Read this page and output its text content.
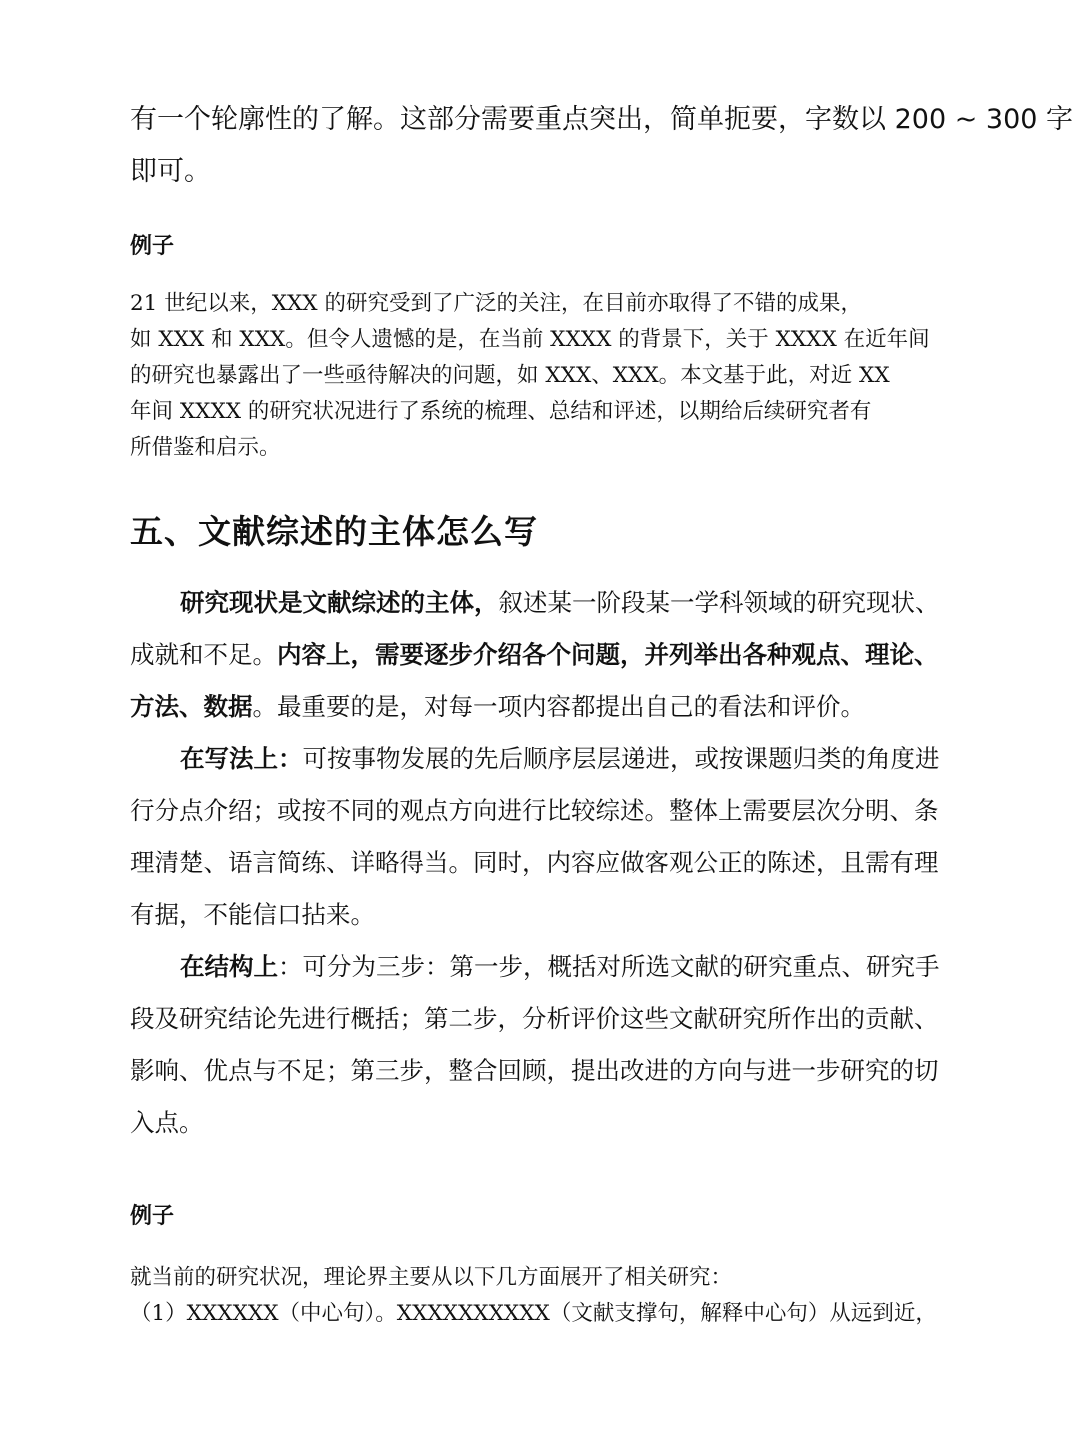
有一个轮廓性的了解。这部分需要重点突出，简单扼要，字数以 200 ~ 300 字
即可。
例子
21 世纪以来，XXX 的研究受到了广泛的关注，在目前亦取得了不错的成果，
如 XXX 和 XXX。但令人遗憾的是，在当前 XXXX 的背景下，关于 XXXX 在近年间
的研究也暴露出了一些亟待解决的问题，如 XXX、XXX。本文基于此，对近 XX
年间 XXXX 的研究状况进行了系统的梳理、总结和评述，以期给后续研究者有
所借鉴和启示。
五、文献综述的主体怎么写
研究现状是文献综述的主体，叙述某一阶段某一学科领域的研究现状、
成就和不足。内容上，需要逐步介绍各个问题，并列举出各种观点、理论、
方法、数据。最重要的是，对每一项内容都提出自己的看法和评价。
在写法上：可按事物发展的先后顺序层层递进，或按课题归类的角度进
行分点介绍；或按不同的观点方向进行比较综述。整体上需要层次分明、条
理清楚、语言简练、详略得当。同时，内容应做客观公正的陈述，且需有理
有据，不能信口拈来。
在结构上：可分为三步：第一步，概括对所选文献的研究重点、研究手
段及研究结论先进行概括；第二步，分析评价这些文献研究所作出的贡献、
影响、优点与不足；第三步，整合回顾，提出改进的方向与进一步研究的切
入点。
例子
就当前的研究状况，理论界主要从以下几方面展开了相关研究：
（1）XXXXXX（中心句）。XXXXXXXXXX（文献支撑句，解释中心句）从远到近，
